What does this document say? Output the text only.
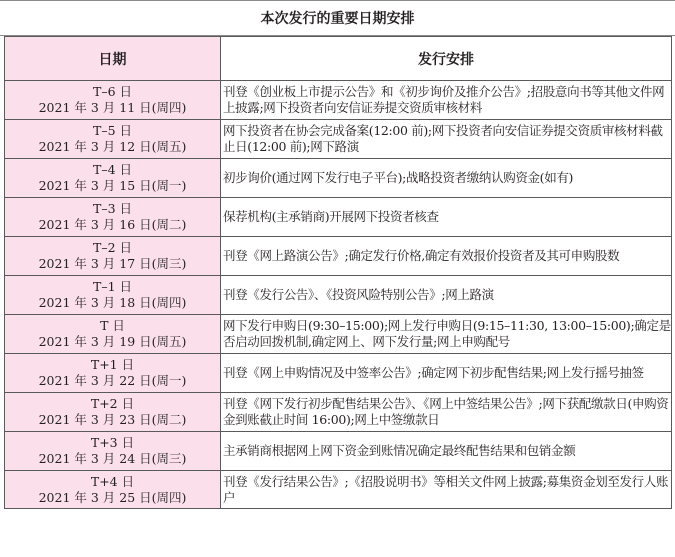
本次发行的重要日期安排
日期	发行安排

T–6 日
2021 年 3 月 11 日(周四)	刊登《创业板上市提示公告》和《初步询价及推介公告》;招股意向书等其他文件网上披露;网下投资者向安信证券提交资质审核材料

T–5 日
2021 年 3 月 12 日(周五)	网下投资者在协会完成备案(12:00 前);网下投资者向安信证券提交资质审核材料截止日(12:00 前);网下路演

T–4 日
2021 年 3 月 15 日(周一)	初步询价(通过网下发行电子平台);战略投资者缴纳认购资金(如有)

T–3 日
2021 年 3 月 16 日(周二)	保荐机构(主承销商)开展网下投资者核查

T–2 日
2021 年 3 月 17 日(周三)	刊登《网上路演公告》;确定发行价格,确定有效报价投资者及其可申购股数

T–1 日
2021 年 3 月 18 日(周四)	刊登《发行公告》、《投资风险特别公告》;网上路演

T 日
2021 年 3 月 19 日(周五)	网下发行申购日(9:30–15:00);网上发行申购日(9:15–11:30, 13:00–15:00);确定是否启动回拨机制,确定网上、网下发行量;网上申购配号

T+1 日
2021 年 3 月 22 日(周一)	刊登《网上申购情况及中签率公告》;确定网下初步配售结果;网上发行摇号抽签

T+2 日
2021 年 3 月 23 日(周二)	刊登《网下发行初步配售结果公告》、《网上中签结果公告》;网下获配缴款日(申购资金到账截止时间 16:00);网上中签缴款日

T+3 日
2021 年 3 月 24 日(周三)	主承销商根据网上网下资金到账情况确定最终配售结果和包销金额

T+4 日
2021 年 3 月 25 日(周四)	刊登《发行结果公告》;《招股说明书》等相关文件网上披露;募集资金划至发行人账户
